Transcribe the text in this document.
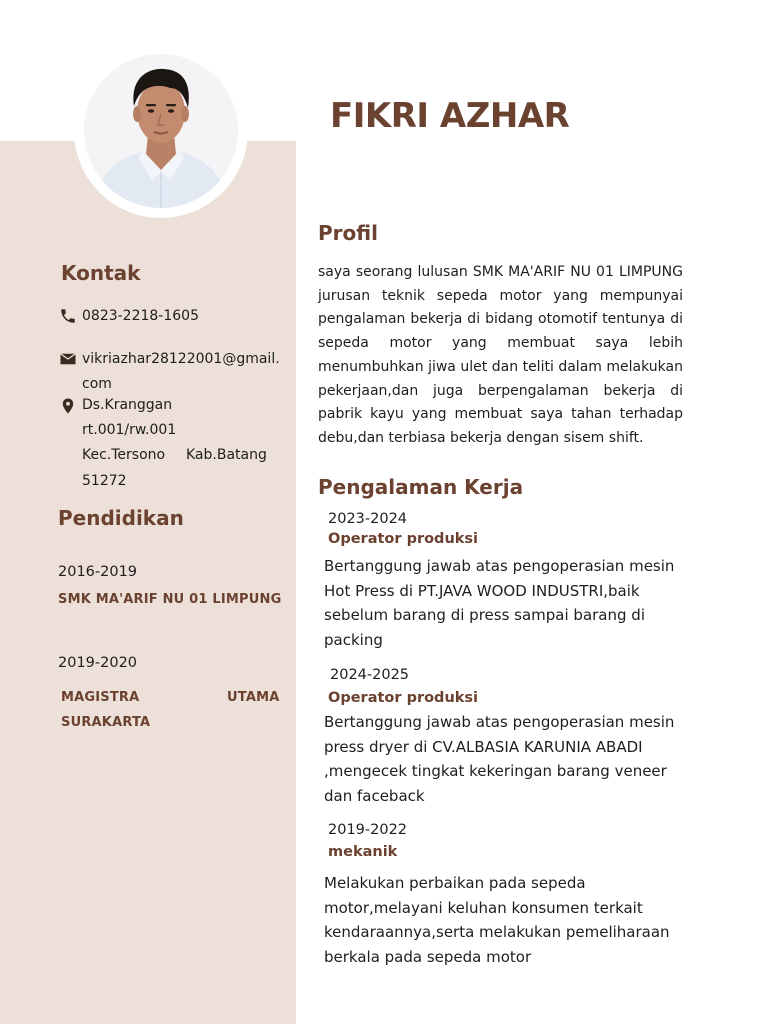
FIKRI AZHAR
Kontak
0823-2218-1605
vikriazhar28122001@gmail.
com
Ds.Kranggan
rt.001/rw.001
Kec.Tersono Kab.Batang
51272
Pendidikan
2016-2019
SMK MA'ARIF NU 01 LIMPUNG
2019-2020
MAGISTRA	UTAMA
SURAKARTA
Profil
saya seorang lulusan SMK MA'ARIF NU 01 LIMPUNG jurusan teknik sepeda motor yang mempunyai pengalaman bekerja di bidang otomotif tentunya di sepeda motor yang membuat saya lebih menumbuhkan jiwa ulet dan teliti dalam melakukan pekerjaan,dan juga berpengalaman bekerja di pabrik kayu yang membuat saya tahan terhadap debu,dan terbiasa bekerja dengan sisem shift.
Pengalaman Kerja
2023-2024
Operator produksi
Bertanggung jawab atas pengoperasian mesin Hot Press di PT.JAVA WOOD INDUSTRI,baik sebelum barang di press sampai barang di packing
2024-2025
Operator produksi
Bertanggung jawab atas pengoperasian mesin press dryer di CV.ALBASIA KARUNIA ABADI ,mengecek tingkat kekeringan barang veneer dan faceback
2019-2022
mekanik
Melakukan perbaikan pada sepeda motor,melayani keluhan konsumen terkait kendaraannya,serta melakukan pemeliharaan berkala pada sepeda motor
